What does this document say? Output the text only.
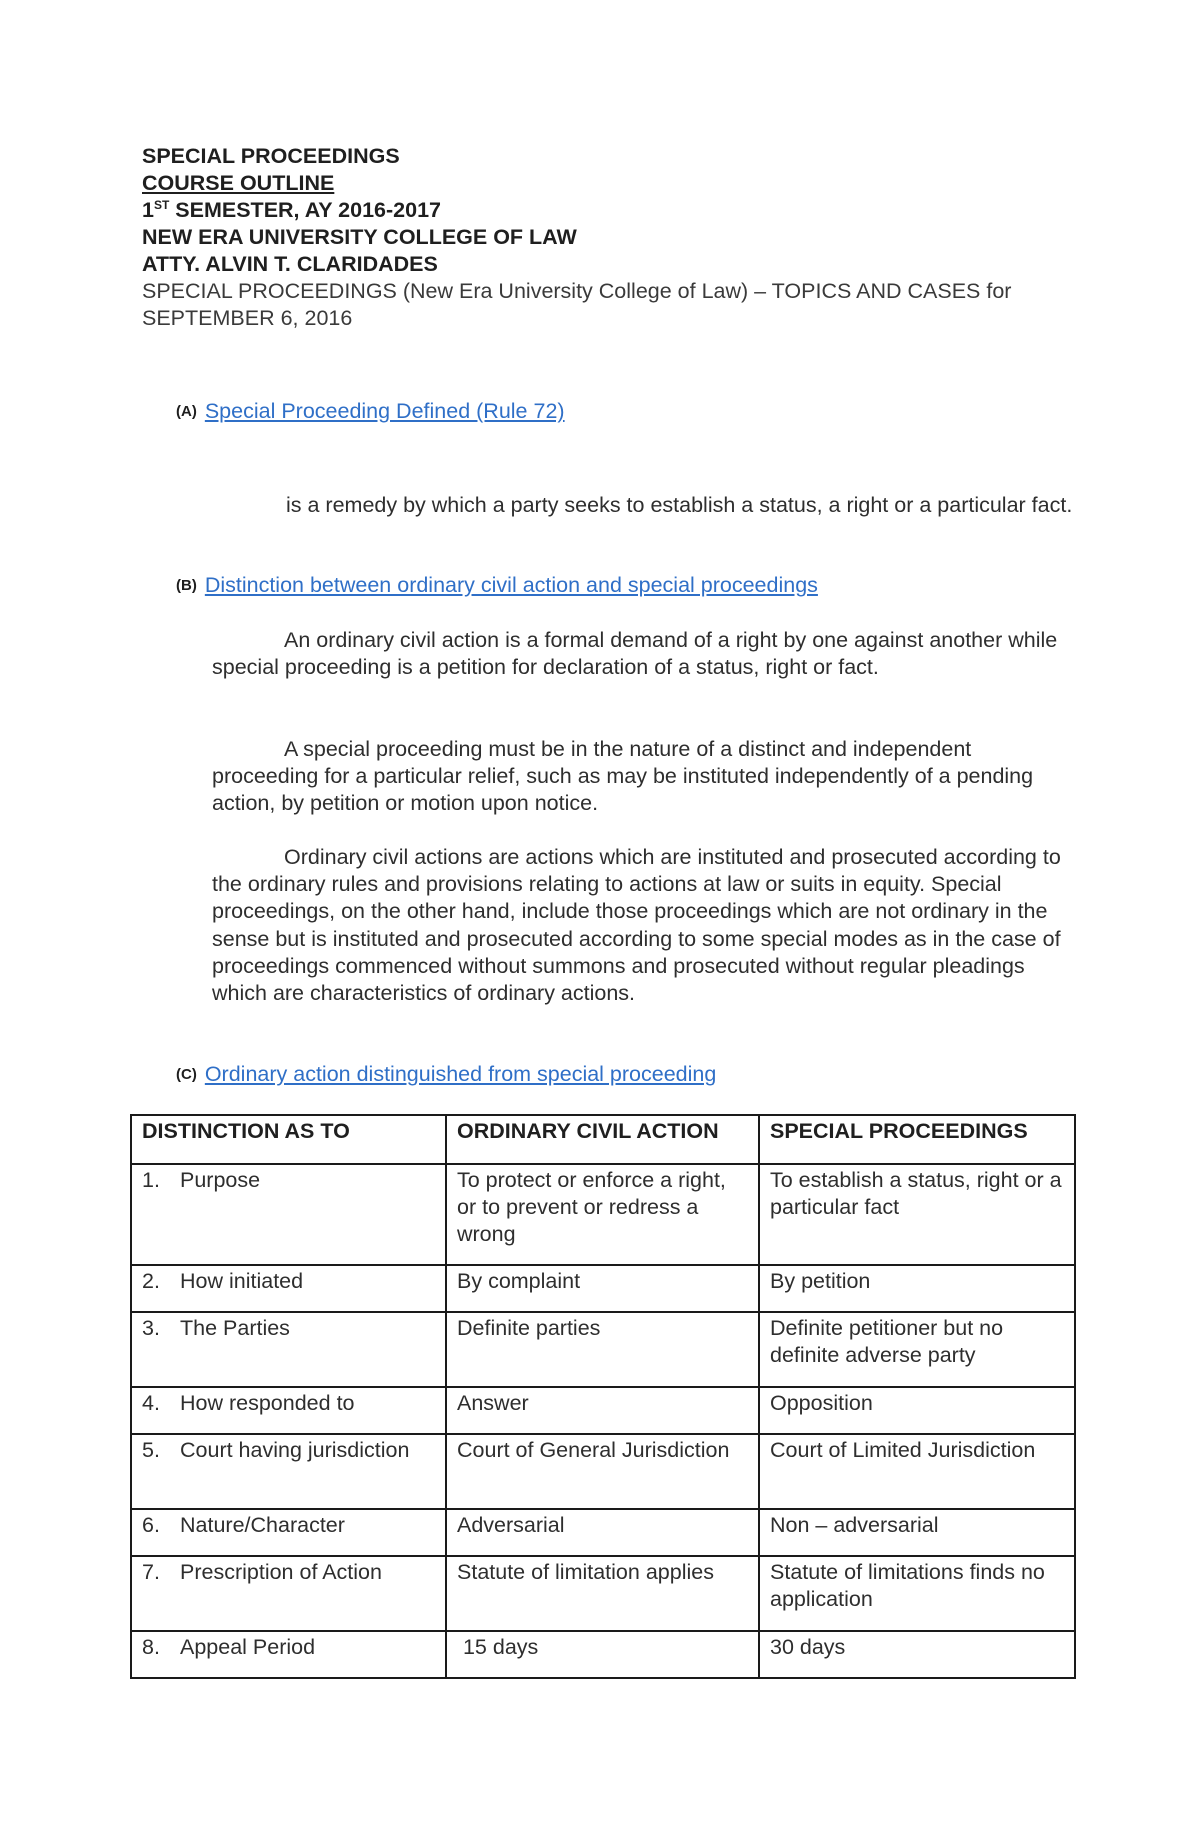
SPECIAL PROCEEDINGS
COURSE OUTLINE
1ST SEMESTER, AY 2016-2017
NEW ERA UNIVERSITY COLLEGE OF LAW
ATTY. ALVIN T. CLARIDADES
SPECIAL PROCEEDINGS (New Era University College of Law) – TOPICS AND CASES for SEPTEMBER 6, 2016
(A) Special Proceeding Defined (Rule 72)
is a remedy by which a party seeks to establish a status, a right or a particular fact.
(B) Distinction between ordinary civil action and special proceedings
An ordinary civil action is a formal demand of a right by one against another while special proceeding is a petition for declaration of a status, right or fact.
A special proceeding must be in the nature of a distinct and independent proceeding for a particular relief, such as may be instituted independently of a pending action, by petition or motion upon notice.
Ordinary civil actions are actions which are instituted and prosecuted according to the ordinary rules and provisions relating to actions at law or suits in equity. Special proceedings, on the other hand, include those proceedings which are not ordinary in the sense but is instituted and prosecuted according to some special modes as in the case of proceedings commenced without summons and prosecuted without regular pleadings which are characteristics of ordinary actions.
(C) Ordinary action distinguished from special proceeding
DISTINCTION AS TO	ORDINARY CIVIL ACTION	SPECIAL PROCEEDINGS
1. Purpose	To protect or enforce a right, or to prevent or redress a wrong	To establish a status, right or a particular fact
2. How initiated	By complaint	By petition
3. The Parties	Definite parties	Definite petitioner but no definite adverse party
4. How responded to	Answer	Opposition
5. Court having jurisdiction	Court of General Jurisdiction	Court of Limited Jurisdiction
6. Nature/Character	Adversarial	Non – adversarial
7. Prescription of Action	Statute of limitation applies	Statute of limitations finds no application
8. Appeal Period	15 days	30 days
